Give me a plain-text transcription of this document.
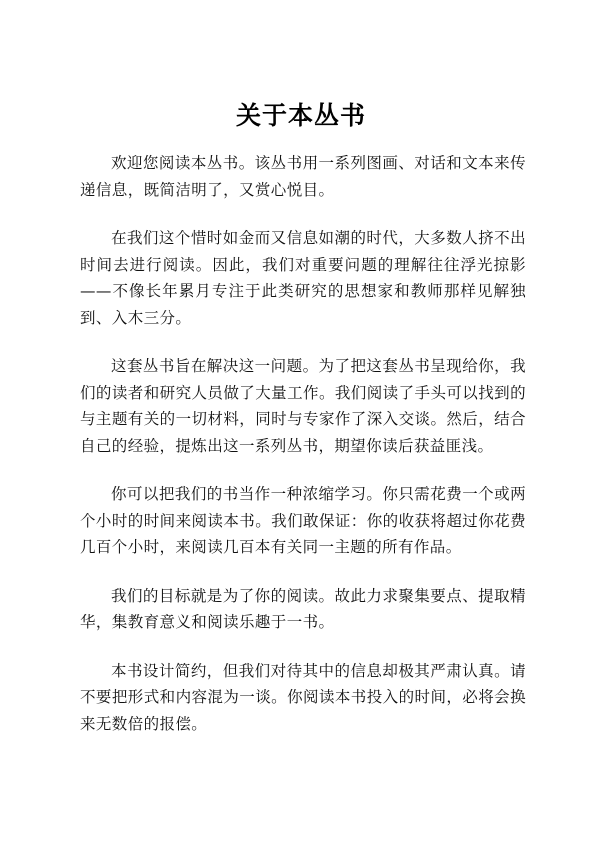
关于本丛书

欢迎您阅读本丛书。该丛书用一系列图画、对话和文本来传递信息，既简洁明了，又赏心悦目。

在我们这个惜时如金而又信息如潮的时代，大多数人挤不出时间去进行阅读。因此，我们对重要问题的理解往往浮光掠影——不像长年累月专注于此类研究的思想家和教师那样见解独到、入木三分。

这套丛书旨在解决这一问题。为了把这套丛书呈现给你，我们的读者和研究人员做了大量工作。我们阅读了手头可以找到的与主题有关的一切材料，同时与专家作了深入交谈。然后，结合自己的经验，提炼出这一系列丛书，期望你读后获益匪浅。

你可以把我们的书当作一种浓缩学习。你只需花费一个或两个小时的时间来阅读本书。我们敢保证：你的收获将超过你花费几百个小时，来阅读几百本有关同一主题的所有作品。

我们的目标就是为了你的阅读。故此力求聚集要点、提取精华，集教育意义和阅读乐趣于一书。

本书设计简约，但我们对待其中的信息却极其严肃认真。请不要把形式和内容混为一谈。你阅读本书投入的时间，必将会换来无数倍的报偿。
